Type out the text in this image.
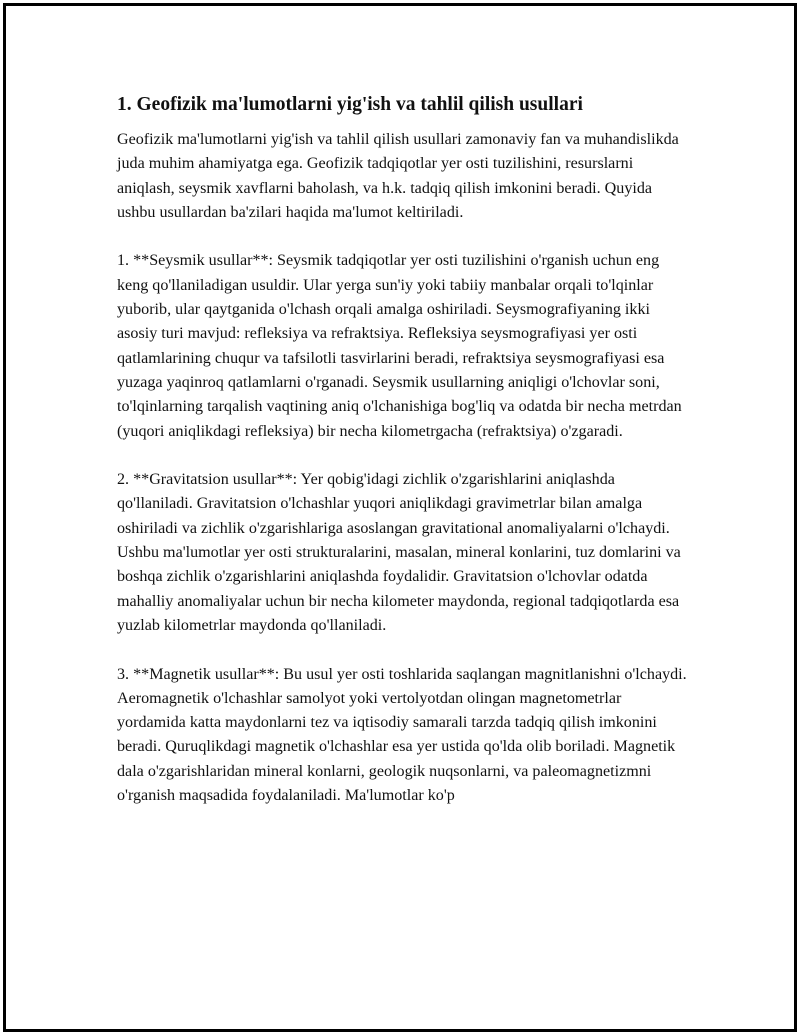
1. Geofizik ma'lumotlarni yig'ish va tahlil qilish usullari

Geofizik ma'lumotlarni yig'ish va tahlil qilish usullari zamonaviy fan va muhandislikda juda muhim ahamiyatga ega. Geofizik tadqiqotlar yer osti tuzilishini, resurslarni aniqlash, seysmik xavflarni baholash, va h.k. tadqiq qilish imkonini beradi. Quyida ushbu usullardan ba'zilari haqida ma'lumot keltiriladi.

1. **Seysmik usullar**: Seysmik tadqiqotlar yer osti tuzilishini o'rganish uchun eng keng qo'llaniladigan usuldir. Ular yerga sun'iy yoki tabiiy manbalar orqali to'lqinlar yuborib, ular qaytganida o'lchash orqali amalga oshiriladi. Seysmografiyaning ikki asosiy turi mavjud: refleksiya va refraktsiya. Refleksiya seysmografiyasi yer osti qatlamlarining chuqur va tafsilotli tasvirlarini beradi, refraktsiya seysmografiyasi esa yuzaga yaqinroq qatlamlarni o'rganadi. Seysmik usullarning aniqligi o'lchovlar soni, to'lqinlarning tarqalish vaqtining aniq o'lchanishiga bog'liq va odatda bir necha metrdan (yuqori aniqlikdagi refleksiya) bir necha kilometrgacha (refraktsiya) o'zgaradi.

2. **Gravitatsion usullar**: Yer qobig'idagi zichlik o'zgarishlarini aniqlashda qo'llaniladi. Gravitatsion o'lchashlar yuqori aniqlikdagi gravimetrlar bilan amalga oshiriladi va zichlik o'zgarishlariga asoslangan gravitational anomaliyalarni o'lchaydi. Ushbu ma'lumotlar yer osti strukturalarini, masalan, mineral konlarini, tuz domlarini va boshqa zichlik o'zgarishlarini aniqlashda foydalidir. Gravitatsion o'lchovlar odatda mahalliy anomaliyalar uchun bir necha kilometer maydonda, regional tadqiqotlarda esa yuzlab kilometrlar maydonda qo'llaniladi.

3. **Magnetik usullar**: Bu usul yer osti toshlarida saqlangan magnitlanishni o'lchaydi. Aeromagnetik o'lchashlar samolyot yoki vertolyotdan olingan magnetometrlar yordamida katta maydonlarni tez va iqtisodiy samarali tarzda tadqiq qilish imkonini beradi. Quruqlikdagi magnetik o'lchashlar esa yer ustida qo'lda olib boriladi. Magnetik dala o'zgarishlaridan mineral konlarni, geologik nuqsonlarni, va paleomagnetizmni o'rganish maqsadida foydalaniladi. Ma'lumotlar ko'p
